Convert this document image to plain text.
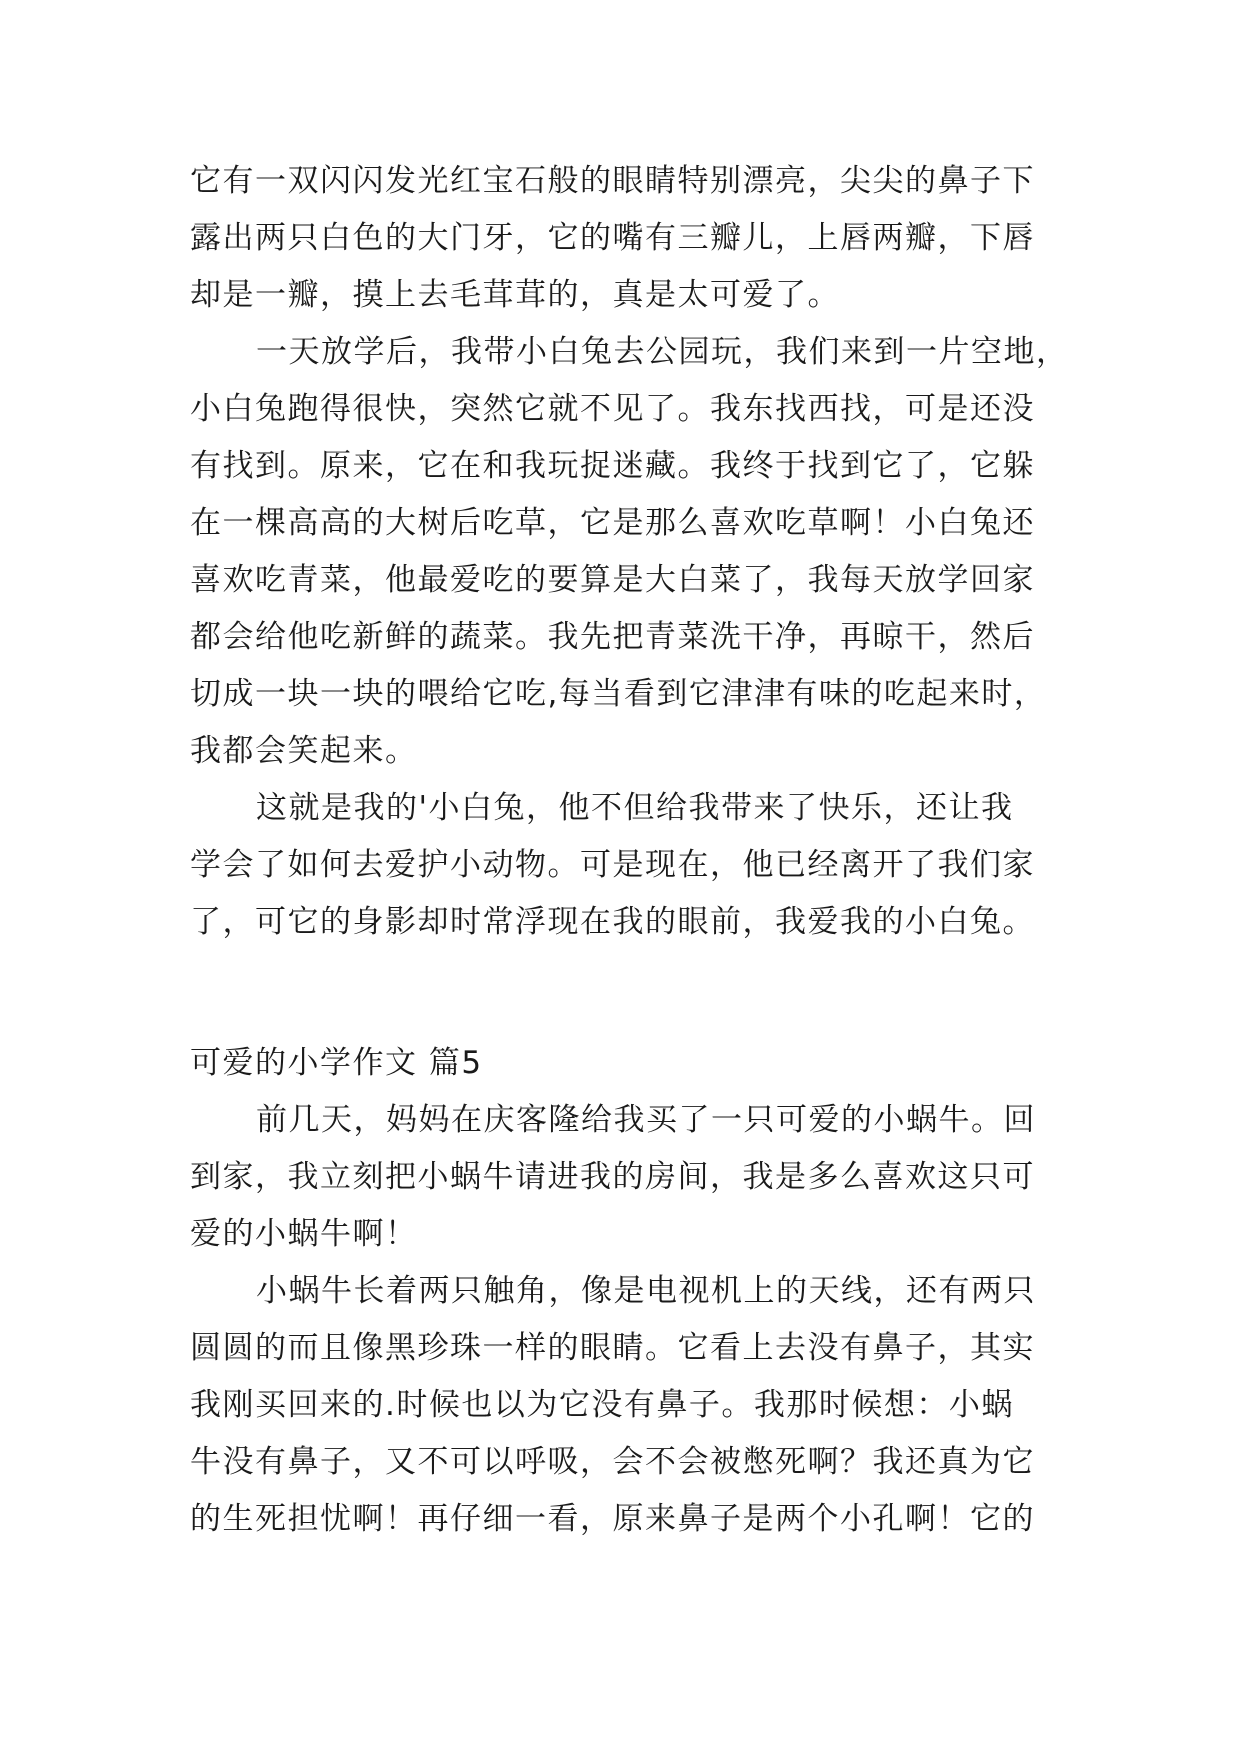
它有一双闪闪发光红宝石般的眼睛特别漂亮，尖尖的鼻子下
露出两只白色的大门牙，它的嘴有三瓣儿，上唇两瓣，下唇
却是一瓣，摸上去毛茸茸的，真是太可爱了。
一天放学后，我带小白兔去公园玩，我们来到一片空地，
小白兔跑得很快，突然它就不见了。我东找西找，可是还没
有找到。原来，它在和我玩捉迷藏。我终于找到它了，它躲
在一棵高高的大树后吃草，它是那么喜欢吃草啊！小白兔还
喜欢吃青菜，他最爱吃的要算是大白菜了，我每天放学回家
都会给他吃新鲜的蔬菜。我先把青菜洗干净，再晾干，然后
切成一块一块的喂给它吃,每当看到它津津有味的吃起来时，
我都会笑起来。
这就是我的'小白兔，他不但给我带来了快乐，还让我
学会了如何去爱护小动物。可是现在，他已经离开了我们家
了，可它的身影却时常浮现在我的眼前，我爱我的小白兔。
可爱的小学作文 篇5
前几天，妈妈在庆客隆给我买了一只可爱的小蜗牛。回
到家，我立刻把小蜗牛请进我的房间，我是多么喜欢这只可
爱的小蜗牛啊！
小蜗牛长着两只触角，像是电视机上的天线，还有两只
圆圆的而且像黑珍珠一样的眼睛。它看上去没有鼻子，其实
我刚买回来的.时候也以为它没有鼻子。我那时候想：小蜗
牛没有鼻子，又不可以呼吸，会不会被憋死啊？我还真为它
的生死担忧啊！再仔细一看，原来鼻子是两个小孔啊！它的
